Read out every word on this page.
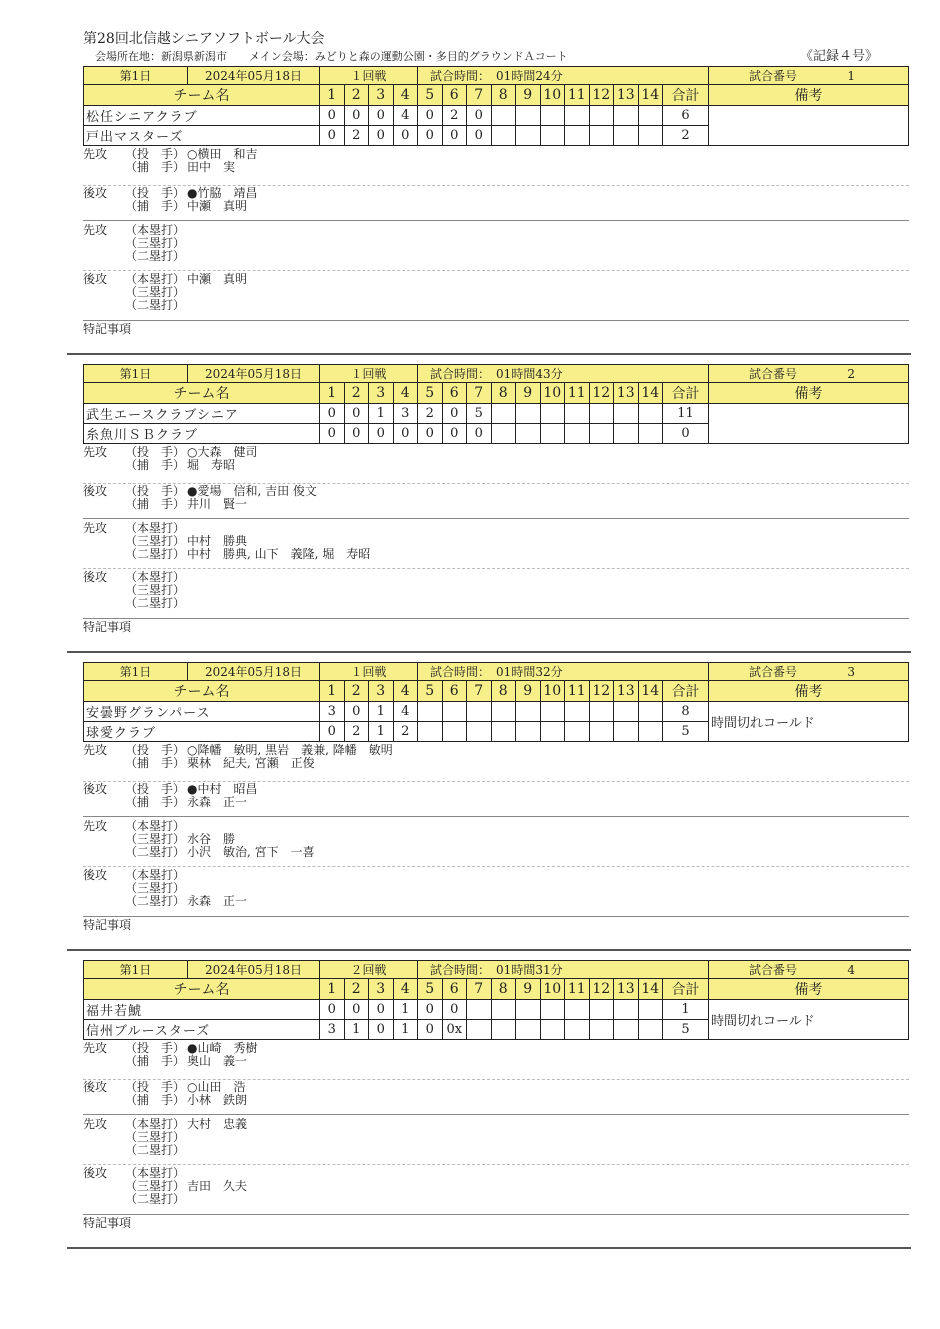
第28回北信越シニアソフトボール大会
会場所在地：新潟県新潟市　　メイン会場：みどりと森の運動公園・多目的グラウンドＡコート	《記録４号》
第1日	2024年05月18日	１回戦				試合時間：　 01時間24分											試合番号 1
チーム名		1	2	3	4	5	6	7	8	9	10	11	12	13	14	合計	備考
松任シニアクラブ		0	0	0	4	0	2	0								6	
戸出マスターズ		0	2	0	0	0	0	0								2	
先攻	（投　手） ○横田　和吉
（捕　手） 田中　実
後攻	（投　手） ●竹脇　靖昌
（捕　手） 中瀬　真明
先攻	（本塁打）
（三塁打）
（二塁打）
後攻	（本塁打） 中瀬　真明
（三塁打）
（二塁打）
特記事項
第1日	2024年05月18日	１回戦				試合時間：　 01時間43分											試合番号 2
チーム名		1	2	3	4	5	6	7	8	9	10	11	12	13	14	合計	備考
武生エースクラブシニア		0	0	1	3	2	0	5								11	
糸魚川ＳＢクラブ		0	0	0	0	0	0	0								0	
先攻	（投　手） ○大森　健司
（捕　手） 堀　寿昭
後攻	（投　手） ●愛場　信和, 吉田 俊文
（捕　手） 井川　賢一
先攻	（本塁打）
（三塁打） 中村　勝典
（二塁打） 中村　勝典, 山下　義隆, 堀　寿昭
後攻	（本塁打）
（三塁打）
（二塁打）
特記事項
第1日	2024年05月18日	１回戦				試合時間：　 01時間32分											試合番号 3
チーム名		1	2	3	4	5	6	7	8	9	10	11	12	13	14	合計	備考
安曇野グランパース		3	0	1	4											8	時間切れコールド
球愛クラブ		0	2	1	2											5	
先攻	（投　手） ○降幡　敏明, 黒岩　義兼, 降幡　敏明
（捕　手） 栗林　紀夫, 宮瀬　正俊
後攻	（投　手） ●中村　昭昌
（捕　手） 永森　正一
先攻	（本塁打）
（三塁打） 水谷　勝
（二塁打） 小沢　敏治, 宮下　一喜
後攻	（本塁打）
（三塁打）
（二塁打） 永森　正一
特記事項
第1日	2024年05月18日	２回戦				試合時間：　 01時間31分											試合番号 4
チーム名		1	2	3	4	5	6	7	8	9	10	11	12	13	14	合計	備考
福井若鯱		0	0	0	1	0	0									1	時間切れコールド
信州ブルースターズ		3	1	0	1	0	0x									5	
先攻	（投　手） ●山崎　秀樹
（捕　手） 奥山　義一
後攻	（投　手） ○山田　浩
（捕　手） 小林　鉄朗
先攻	（本塁打） 大村　忠義
（三塁打）
（二塁打）
後攻	（本塁打）
（三塁打） 吉田　久夫
（二塁打）
特記事項
